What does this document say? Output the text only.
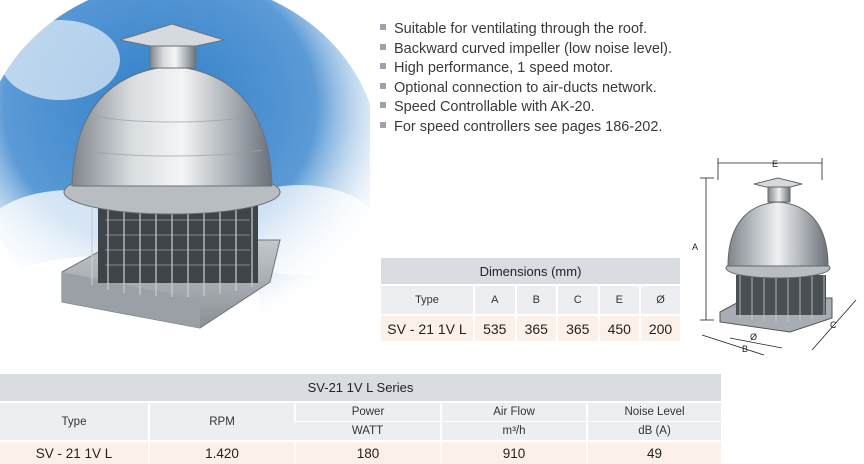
Suitable for ventilating through the roof.
Backward curved impeller (low noise level).
High performance, 1 speed motor.
Optional connection to air-ducts network.
Speed Controllable with AK-20.
For speed controllers see pages 186-202.
E
A
C
B
Ø
Dimensions (mm)					
Type	A	B	C	E	Ø
SV - 21 1V L	535	365	365	450	200
SV-21 1V L Series				
Type	RPM	Power	Air Flow	Noise Level
		WATT	m³/h	dB (A)
SV - 21 1V L	1.420	180	910	49
